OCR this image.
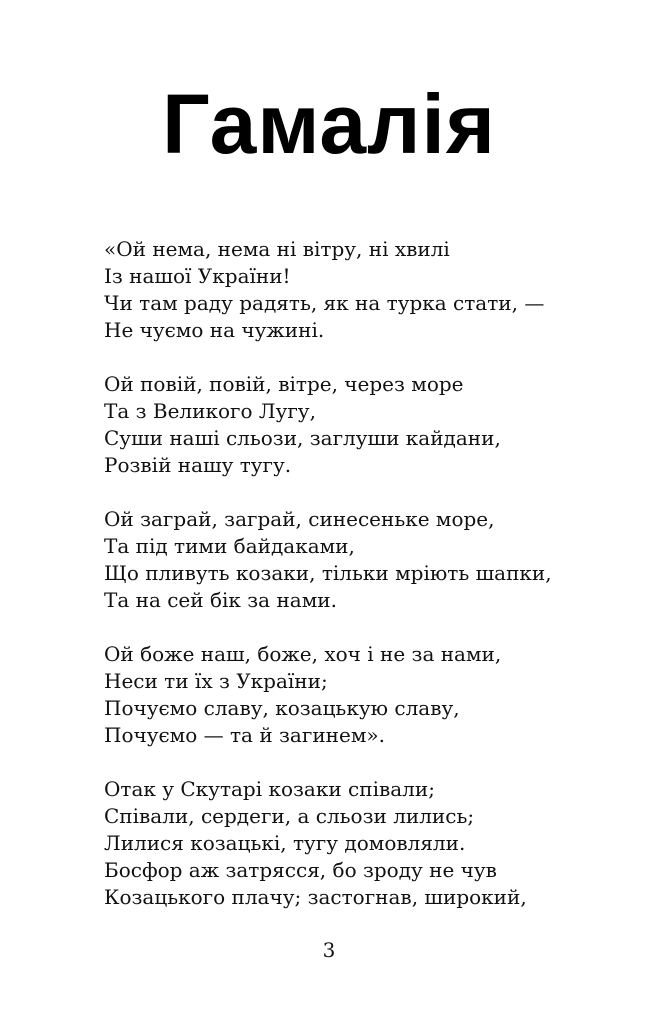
Гамалія
«Ой нема, нема ні вітру, ні хвилі
Із нашої України!
Чи там раду радять, як на турка стати, —
Не чуємо на чужині.
Ой повій, повій, вітре, через море
Та з Великого Лугу,
Суши наші сльози, заглуши кайдани,
Розвій нашу тугу.
Ой заграй, заграй, синесенькe море,
Та під тими байдаками,
Що пливуть козаки, тільки мріють шапки,
Та на сей бік за нами.
Ой боже наш, боже, хоч і не за нами,
Неси ти їх з України;
Почуємо славу, козацькую славу,
Почуємо — та й загинем».
Отак у Скутарі козаки співали;
Співали, сердеги, а сльози лились;
Лилися козацькі, тугу домовляли.
Босфор аж затрясся, бо зроду не чув
Козацького плачу; застогнав, широкий,
3
